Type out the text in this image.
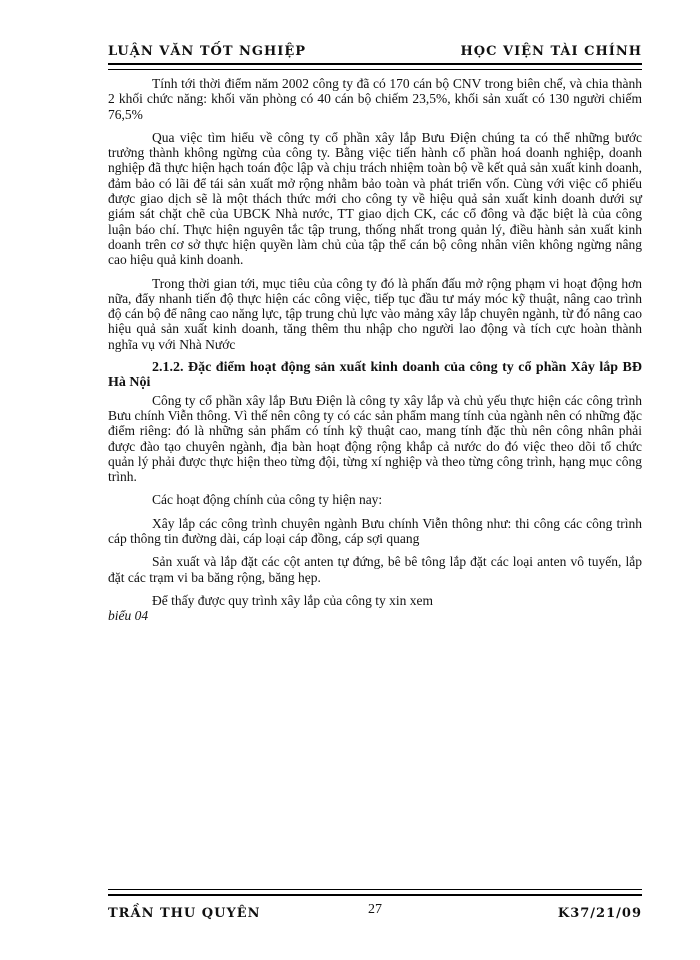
LUẬN VĂN TỐT NGHIỆP	HỌC VIỆN TÀI CHÍNH

Tính tới thời điểm năm 2002 công ty đã có 170 cán bộ CNV trong biên chế, và chia thành 2 khối chức năng: khối văn phòng có 40 cán bộ chiếm 23,5%, khối sản xuất có 130 người chiếm 76,5%

Qua việc tìm hiểu về công ty cổ phần xây lắp Bưu Điện chúng ta có thể những bước trưởng thành không ngừng của công ty. Bằng việc tiến hành cổ phần hoá doanh nghiệp, doanh nghiệp đã thực hiện hạch toán độc lập và chịu trách nhiệm toàn bộ về kết quả sản xuất kinh doanh, đảm bảo có lãi để tái sản xuất mở rộng nhằm bảo toàn và phát triển vốn. Cùng với việc cổ phiếu được giao dịch sẽ là một thách thức mới cho công ty về hiệu quả sản xuất kinh doanh dưới sự giám sát chặt chẽ của UBCK Nhà nước, TT giao dịch CK, các cổ đông và đặc biệt là của công luận báo chí. Thực hiện nguyên tắc tập trung, thống nhất trong quản lý, điều hành sản xuất kinh doanh trên cơ sở thực hiện quyền làm chủ của tập thể cán bộ công nhân viên không ngừng nâng cao hiệu quả kinh doanh.

Trong thời gian tới, mục tiêu của công ty đó là phấn đấu mở rộng phạm vi hoạt động hơn nữa, đẩy nhanh tiến độ thực hiện các công việc, tiếp tục đầu tư máy móc kỹ thuật, nâng cao trình độ cán bộ để nâng cao năng lực, tập trung chủ lực vào mảng xây lắp chuyên ngành, từ đó nâng cao hiệu quả sản xuất kinh doanh, tăng thêm thu nhập cho người lao động và tích cực hoàn thành nghĩa vụ với Nhà Nước

2.1.2. Đặc điểm hoạt động sản xuất kinh doanh của công ty cổ phần Xây lắp BĐ Hà Nội

Công ty cổ phần xây lắp Bưu Điện là công ty xây lắp và chủ yếu thực hiện các công trình Bưu chính Viễn thông. Vì thế nên công ty có các sản phẩm mang tính của ngành nên có những đặc điểm riêng: đó là những sản phẩm có tính kỹ thuật cao, mang tính đặc thù nên công nhân phải được đào tạo chuyên ngành, địa bàn hoạt động rộng khắp cả nước do đó việc theo dõi tổ chức quản lý phải được thực hiện theo từng đội, từng xí nghiệp và theo từng công trình, hạng mục công trình.

Các hoạt động chính của công ty hiện nay:

Xây lắp các công trình chuyên ngành Bưu chính Viễn thông như: thi công các công trình cáp thông tin đường dài, cáp loại cáp đồng, cáp sợi quang

Sản xuất và lắp đặt các cột anten tự đứng, bê bê tông lắp đặt các loại anten vô tuyến, lắp đặt các trạm vi ba băng rộng, băng hẹp.

Để thấy được quy trình xây lắp của công ty xin xem
biểu 04

TRẦN THU QUYÊN	27	K37/21/09
